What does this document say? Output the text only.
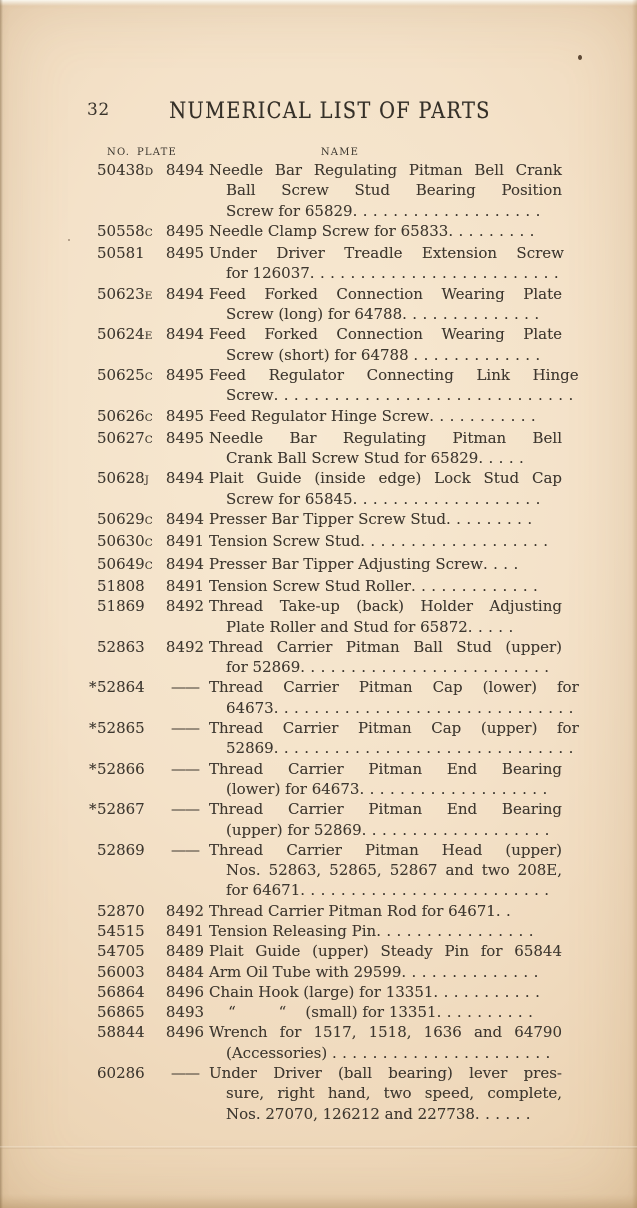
32	NUMERICAL LIST OF PARTS
NO. PLATE	NAME
50438D 8494 Needle Bar Regulating Pitman Bell Crank
Ball Screw Stud Bearing Position
Screw for 65829...................
50558C 8495 Needle Clamp Screw for 65833.........
50581	8495 Under Driver Treadle Extension Screw
for 126037.........................
50623E 8494 Feed Forked Connection Wearing Plate
Screw (long) for 64788..............
50624E 8494 Feed Forked Connection Wearing Plate
Screw (short) for 64788 .............
50625C 8495 Feed Regulator Connecting Link Hinge
Screw..............................
50626C 8495 Feed Regulator Hinge Screw...........
50627C 8495 Needle Bar Regulating Pitman Bell
Crank Ball Screw Stud for 65829.....
50628J	8494 Plait Guide (inside edge) Lock Stud Cap
Screw for 65845...................
50629C 8494 Presser Bar Tipper Screw Stud.........
50630C 8491 Tension Screw Stud...................
50649C 8494 Presser Bar Tipper Adjusting Screw....
51808	8491 Tension Screw Stud Roller.............
51869	8492 Thread Take-up (back) Holder Adjusting
Plate Roller and Stud for 65872.....
52863	8492 Thread Carrier Pitman Ball Stud (upper)
for 52869.........................
* 52864	—— Thread Carrier Pitman Cap (lower) for
64673..............................
* 52865	—— Thread Carrier Pitman Cap (upper) for
52869..............................
* 52866	—— Thread Carrier Pitman End Bearing
(lower) for 64673...................
* 52867	—— Thread Carrier Pitman End Bearing
(upper) for 52869...................
52869	—— Thread Carrier Pitman Head (upper)
Nos. 52863, 52865, 52867 and two 208E,
for 64671.........................
52870	8492 Thread Carrier Pitman Rod for 64671..
54515	8491 Tension Releasing Pin................
54705	8489 Plait Guide (upper) Steady Pin for 65844
56003	8484 Arm Oil Tube with 29599..............
56864	8496 Chain Hook (large) for 13351...........
56865	8493 “         “    (small) for 13351..........
58844	8496 Wrench for 1517, 1518, 1636 and 64790
(Accessories) ......................
60286	—— Under Driver (ball bearing) lever pres-
sure, right hand, two speed, complete,
Nos. 27070, 126212 and 227738......
